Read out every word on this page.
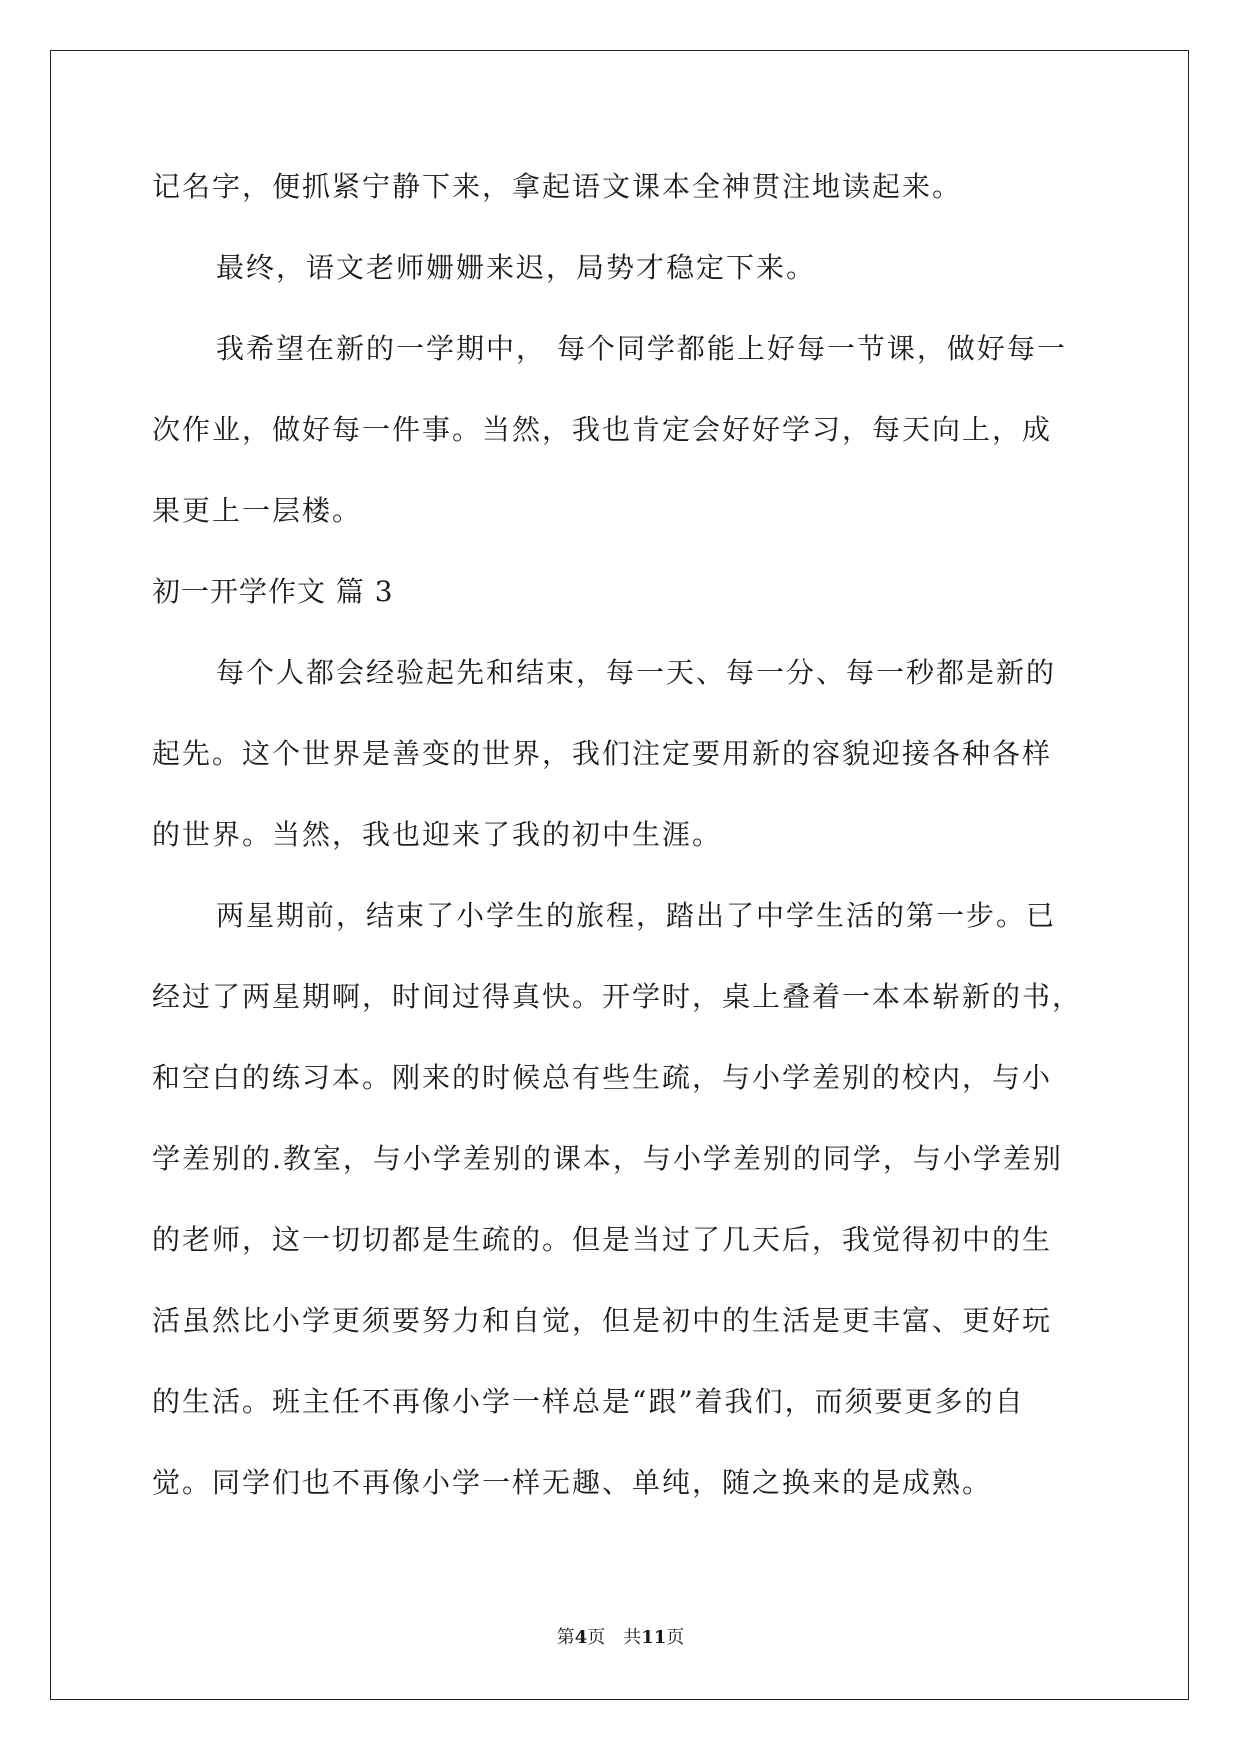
记名字，便抓紧宁静下来，拿起语文课本全神贯注地读起来。

最终，语文老师姗姗来迟，局势才稳定下来。

我希望在新的一学期中， 每个同学都能上好每一节课，做好每一

次作业，做好每一件事。当然，我也肯定会好好学习，每天向上，成

果更上一层楼。

初一开学作文 篇 3

每个人都会经验起先和结束，每一天、每一分、每一秒都是新的

起先。这个世界是善变的世界，我们注定要用新的容貌迎接各种各样

的世界。当然，我也迎来了我的初中生涯。

两星期前，结束了小学生的旅程，踏出了中学生活的第一步。已

经过了两星期啊，时间过得真快。开学时，桌上叠着一本本崭新的书，

和空白的练习本。刚来的时候总有些生疏，与小学差别的校内，与小

学差别的.教室，与小学差别的课本，与小学差别的同学，与小学差别

的老师，这一切切都是生疏的。但是当过了几天后，我觉得初中的生

活虽然比小学更须要努力和自觉，但是初中的生活是更丰富、更好玩

的生活。班主任不再像小学一样总是“跟”着我们，而须要更多的自

觉。同学们也不再像小学一样无趣、单纯，随之换来的是成熟。

第4页 共11页
